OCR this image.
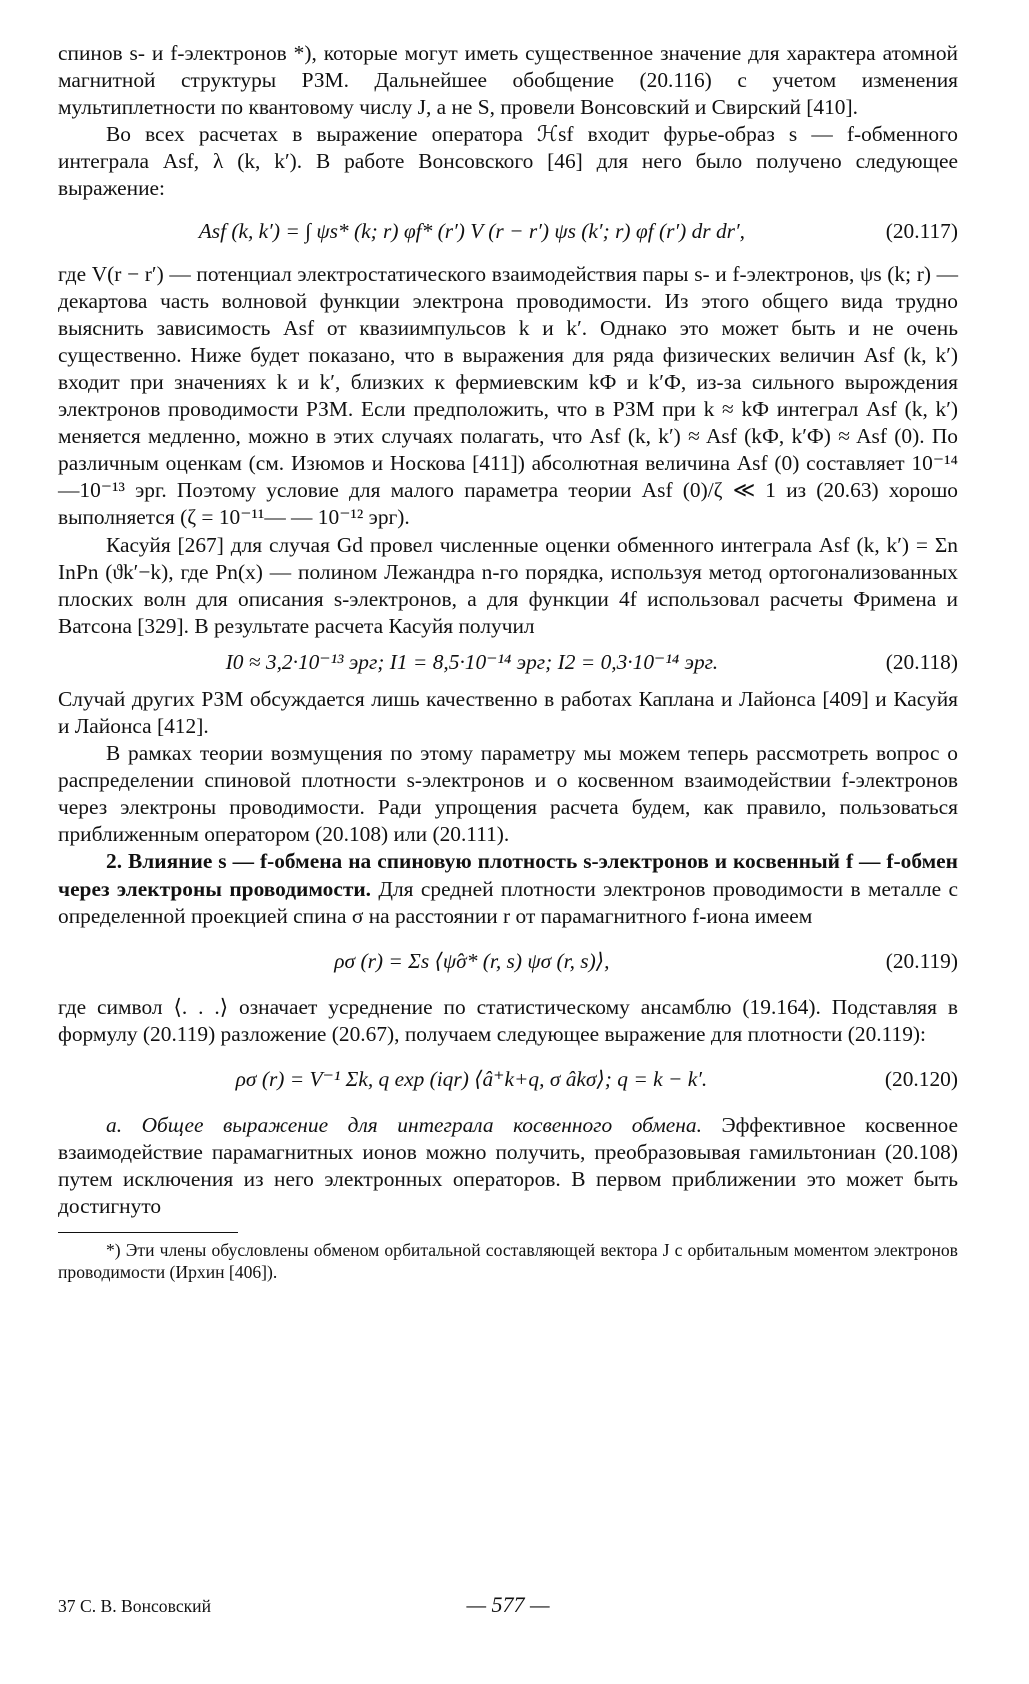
спинов s- и f-электронов *), которые могут иметь существенное значение для характера атомной магнитной структуры РЗМ. Дальнейшее обобщение (20.116) с учетом изменения мультиплетности по квантовому числу J, а не S, провели Вонсовский и Свирский [410].

Во всех расчетах в выражение оператора ℋsf входит фурье-образ s — f-обменного интеграла Asf, λ (k, k′). В работе Вонсовского [46] для него было получено следующее выражение:

Asf (k, k′) = ∫ ψs* (k; r) φf* (r′) V (r − r′) ψs (k′; r) φf (r′) dr dr′,	(20.117)

где V(r − r′) — потенциал электростатического взаимодействия пары s- и f-электронов, ψs (k; r) — декартова часть волновой функции электрона проводимости. Из этого общего вида трудно выяснить зависимость Asf от квазиимпульсов k и k′. Однако это может быть и не очень существенно. Ниже будет показано, что в выражения для ряда физических величин Asf (k, k′) входит при значениях k и k′, близких к фермиевским kФ и k′Ф, из-за сильного вырождения электронов проводимости РЗМ. Если предположить, что в РЗМ при k ≈ kФ интеграл Asf (k, k′) меняется медленно, можно в этих случаях полагать, что Asf (k, k′) ≈ Asf (kФ, k′Ф) ≈ Asf (0). По различным оценкам (см. Изюмов и Носкова [411]) абсолютная величина Asf (0) составляет 10⁻¹⁴—10⁻¹³ эрг. Поэтому условие для малого параметра теории Asf (0)/ζ ≪ 1 из (20.63) хорошо выполняется (ζ = 10⁻¹¹— — 10⁻¹² эрг).

Касуйя [267] для случая Gd провел численные оценки обменного интеграла Asf (k, k′) = Σn InPn (ϑk′−k), где Pn(x) — полином Лежандра n-го порядка, используя метод ортогонализованных плоских волн для описания s-электронов, а для функции 4f использовал расчеты Фримена и Ватсона [329]. В результате расчета Касуйя получил

I0 ≈ 3,2·10⁻¹³ эрг; I1 = 8,5·10⁻¹⁴ эрг; I2 = 0,3·10⁻¹⁴ эрг.	(20.118)

Случай других РЗМ обсуждается лишь качественно в работах Каплана и Лайонса [409] и Касуйя и Лайонса [412].

В рамках теории возмущения по этому параметру мы можем теперь рассмотреть вопрос о распределении спиновой плотности s-электронов и о косвенном взаимодействии f-электронов через электроны проводимости. Ради упрощения расчета будем, как правило, пользоваться приближенным оператором (20.108) или (20.111).

2. Влияние s — f-обмена на спиновую плотность s-электронов и косвенный f — f-обмен через электроны проводимости. Для средней плотности электронов проводимости в металле с определенной проекцией спина σ на расстоянии r от парамагнитного f-иона имеем

ρσ (r) = Σs ⟨ψ̂σ* (r, s) ψσ (r, s)⟩,	(20.119)

где символ ⟨. . .⟩ означает усреднение по статистическому ансамблю (19.164). Подставляя в формулу (20.119) разложение (20.67), получаем следующее выражение для плотности (20.119):

ρσ (r) = V⁻¹ Σk, q exp (iqr) ⟨â⁺k+q, σ âkσ⟩; q = k − k′.	(20.120)

а. Общее выражение для интеграла косвенного обмена. Эффективное косвенное взаимодействие парамагнитных ионов можно получить, преобразовывая гамильтониан (20.108) путем исключения из него электронных операторов. В первом приближении это может быть достигнуто

*) Эти члены обусловлены обменом орбитальной составляющей вектора J с орбитальным моментом электронов проводимости (Ирхин [406]).

37 С. В. Вонсовский	— 577 —
